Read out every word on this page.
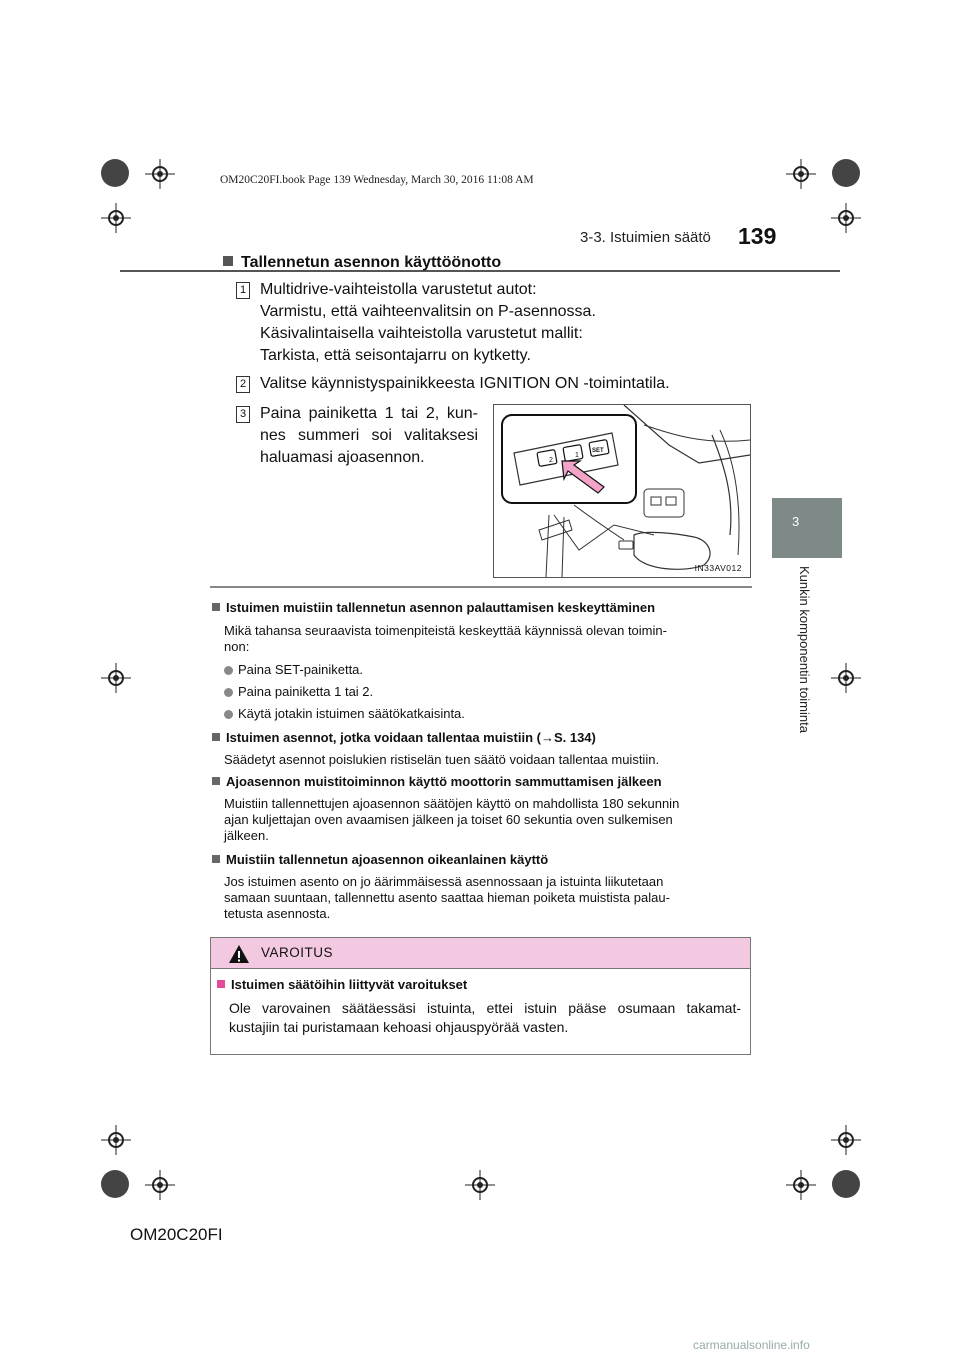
OM20C20FI.book Page 139 Wednesday, March 30, 2016 11:08 AM
3-3. Istuimien säätö 139
3
Kunkin komponentin toiminta
Tallennetun asennon käyttöönotto
1 Multidrive-vaihteistolla varustetut autot:
Varmistu, että vaihteenvalitsin on P-asennossa.
Käsivalintaisella vaihteistolla varustetut mallit:
Tarkista, että seisontajarru on kytketty.
2 Valitse käynnistyspainikkeesta IGNITION ON -toimintatila.
3 Paina painiketta 1 tai 2, kun-
nes summeri soi valitaksesi
haluamasi ajoasennon.	2
1
SET
IN33AV012
Istuimen muistiin tallennetun asennon palauttamisen keskeyttäminen
Mikä tahansa seuraavista toimenpiteistä keskeyttää käynnissä olevan toimin-
non:
Paina SET-painiketta.
Paina painiketta 1 tai 2.
Käytä jotakin istuimen säätökatkaisinta.
Istuimen asennot, jotka voidaan tallentaa muistiin (→S. 134)
Säädetyt asennot poislukien ristiselän tuen säätö voidaan tallentaa muistiin.
Ajoasennon muistitoiminnon käyttö moottorin sammuttamisen jälkeen
Muistiin tallennettujen ajoasennon säätöjen käyttö on mahdollista 180 sekunnin
ajan kuljettajan oven avaamisen jälkeen ja toiset 60 sekuntia oven sulkemisen
jälkeen.
Muistiin tallennetun ajoasennon oikeanlainen käyttö
Jos istuimen asento on jo äärimmäisessä asennossaan ja istuinta liikutetaan
samaan suuntaan, tallennettu asento saattaa hieman poiketa muistista palau-
tetusta asennosta.
VAROITUS
Istuimen säätöihin liittyvät varoitukset
Ole varovainen säätäessäsi istuinta, ettei istuin pääse osumaan takamat-
kustajiin tai puristamaan kehoasi ohjauspyörää vasten.
OM20C20FI
carmanualsonline.info
